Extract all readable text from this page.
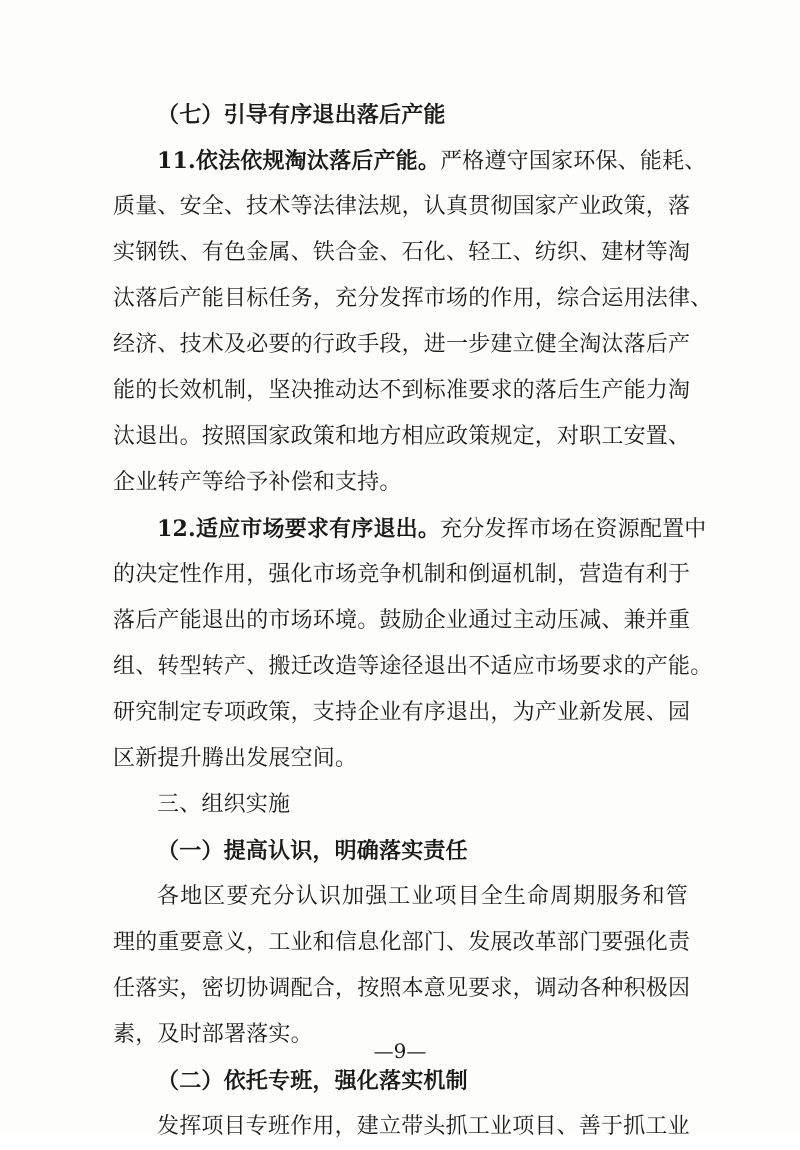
（七）引导有序退出落后产能
11.依法依规淘汰落后产能。严格遵守国家环保、能耗、
质量、安全、技术等法律法规，认真贯彻国家产业政策，落
实钢铁、有色金属、铁合金、石化、轻工、纺织、建材等淘
汰落后产能目标任务，充分发挥市场的作用，综合运用法律、
经济、技术及必要的行政手段，进一步建立健全淘汰落后产
能的长效机制，坚决推动达不到标准要求的落后生产能力淘
汰退出。按照国家政策和地方相应政策规定，对职工安置、
企业转产等给予补偿和支持。
12.适应市场要求有序退出。充分发挥市场在资源配置中
的决定性作用，强化市场竞争机制和倒逼机制，营造有利于
落后产能退出的市场环境。鼓励企业通过主动压减、兼并重
组、转型转产、搬迁改造等途径退出不适应市场要求的产能。
研究制定专项政策，支持企业有序退出，为产业新发展、园
区新提升腾出发展空间。
三、组织实施
（一）提高认识，明确落实责任
各地区要充分认识加强工业项目全生命周期服务和管
理的重要意义，工业和信息化部门、发展改革部门要强化责
任落实，密切协调配合，按照本意见要求，调动各种积极因
素，及时部署落实。
（二）依托专班，强化落实机制
发挥项目专班作用，建立带头抓工业项目、善于抓工业
—9—
